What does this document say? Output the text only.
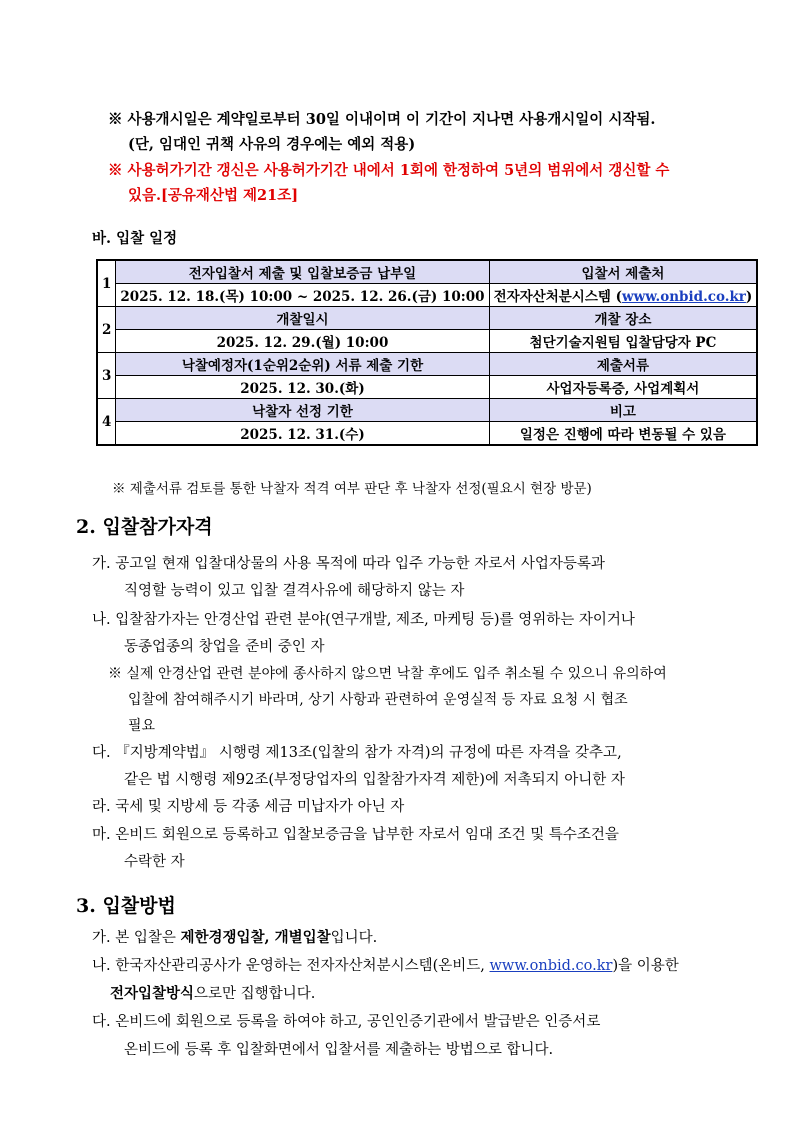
※ 사용개시일은 계약일로부터 30일 이내이며 이 기간이 지나면 사용개시일이 시작됨.
(단, 임대인 귀책 사유의 경우에는 예외 적용)
※ 사용허가기간 갱신은 사용허가기간 내에서 1회에 한정하여 5년의 범위에서 갱신할 수
있음.[공유재산법 제21조]
바. 입찰 일정
1	전자입찰서 제출 및 입찰보증금 납부일	입찰서 제출처
	2025. 12. 18.(목) 10:00 ~ 2025. 12. 26.(금) 10:00	전자자산처분시스템 (www.onbid.co.kr)
2	개찰일시	개찰 장소
	2025. 12. 29.(월) 10:00	첨단기술지원팀 입찰담당자 PC
3	낙찰예정자(1순위2순위) 서류 제출 기한	제출서류
	2025. 12. 30.(화)	사업자등록증, 사업계획서
4	낙찰자 선정 기한	비고
	2025. 12. 31.(수)	일정은 진행에 따라 변동될 수 있음
※ 제출서류 검토를 통한 낙찰자 적격 여부 판단 후 낙찰자 선정(필요시 현장 방문)
2. 입찰참가자격
가. 공고일 현재 입찰대상물의 사용 목적에 따라 입주 가능한 자로서 사업자등록과
직영할 능력이 있고 입찰 결격사유에 해당하지 않는 자
나. 입찰참가자는 안경산업 관련 분야(연구개발, 제조, 마케팅 등)를 영위하는 자이거나
동종업종의 창업을 준비 중인 자
※ 실제 안경산업 관련 분야에 종사하지 않으면 낙찰 후에도 입주 취소될 수 있으니 유의하여
입찰에 참여해주시기 바라며, 상기 사항과 관련하여 운영실적 등 자료 요청 시 협조
필요
다. 『지방계약법』 시행령 제13조(입찰의 참가 자격)의 규정에 따른 자격을 갖추고,
같은 법 시행령 제92조(부정당업자의 입찰참가자격 제한)에 저촉되지 아니한 자
라. 국세 및 지방세 등 각종 세금 미납자가 아닌 자
마. 온비드 회원으로 등록하고 입찰보증금을 납부한 자로서 임대 조건 및 특수조건을
수락한 자
3. 입찰방법
가. 본 입찰은 제한경쟁입찰, 개별입찰입니다.
나. 한국자산관리공사가 운영하는 전자자산처분시스템(온비드, www.onbid.co.kr)을 이용한
전자입찰방식으로만 집행합니다.
다. 온비드에 회원으로 등록을 하여야 하고, 공인인증기관에서 발급받은 인증서로
온비드에 등록 후 입찰화면에서 입찰서를 제출하는 방법으로 합니다.
